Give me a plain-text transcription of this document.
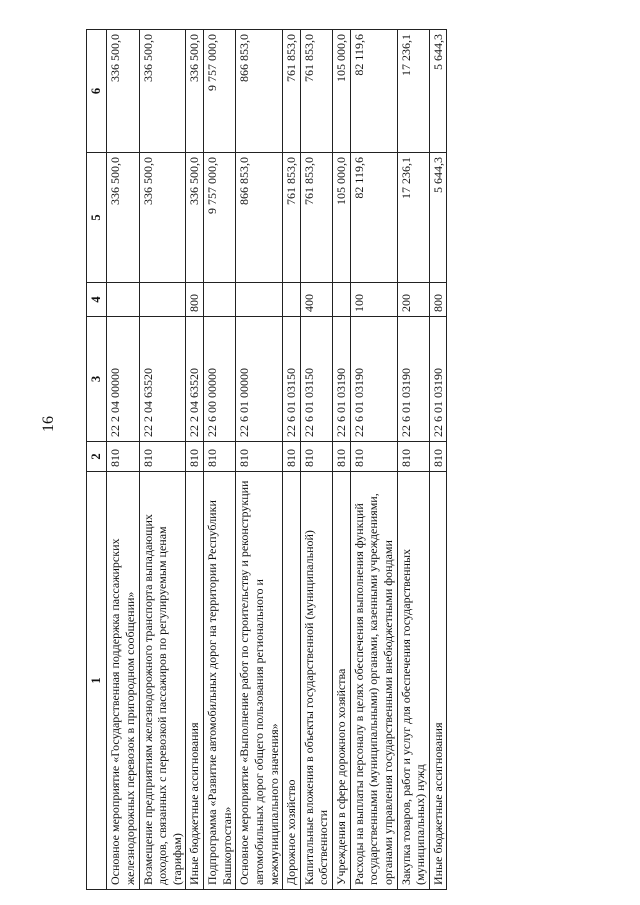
16
1	2	3	4	5	6
Основное мероприятие «Государственная поддержка пассажирских железнодорожных перевозок в пригородном сообщении»	810	22 2 04 00000		336 500,0	336 500,0
Возмещение предприятиям железнодорожного транспорта выпадающих доходов, связанных с перевозкой пассажиров по регулируемым ценам (тарифам)	810	22 2 04 63520		336 500,0	336 500,0
Иные бюджетные ассигнования	810	22 2 04 63520	800	336 500,0	336 500,0
Подпрограмма «Развитие автомобильных дорог на территории Республики Башкортостан»	810	22 6 00 00000		9 757 000,0	9 757 000,0
Основное мероприятие «Выполнение работ по строительству и реконструкции автомобильных дорог общего пользования регионального и межмуниципального значения»	810	22 6 01 00000		866 853,0	866 853,0
Дорожное хозяйство	810	22 6 01 03150		761 853,0	761 853,0
Капитальные вложения в объекты государственной (муниципальной) собственности	810	22 6 01 03150	400	761 853,0	761 853,0
Учреждения в сфере дорожного хозяйства	810	22 6 01 03190		105 000,0	105 000,0
Расходы на выплаты персоналу в целях обеспечения выполнения функций государственными (муниципальными) органами, казенными учреждениями, органами управления государственными внебюджетными фондами	810	22 6 01 03190	100	82 119,6	82 119,6
Закупка товаров, работ и услуг для обеспечения государственных (муниципальных) нужд	810	22 6 01 03190	200	17 236,1	17 236,1
Иные бюджетные ассигнования	810	22 6 01 03190	800	5 644,3	5 644,3
